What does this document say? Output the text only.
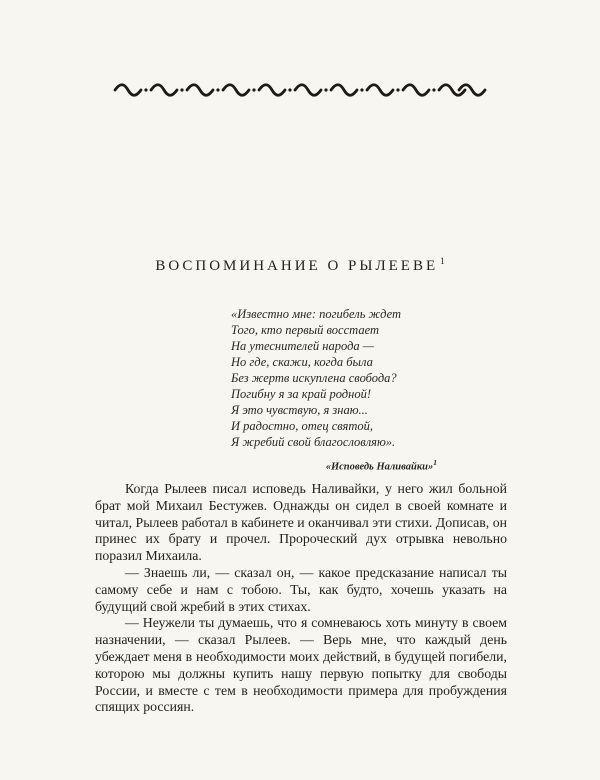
ВОСПОМИНАНИЕ О РЫЛЕЕВЕ $^1$
«Известно мне: погибель ждет
Того, кто первый восстает
На утеснителей народа —
Но где, скажи, когда была
Без жертв искуплена свобода?
Погибну я за край родной!
Я это чувствую, я знаю...
И радостно, отец святой,
Я жребий свой благословляю».
«Исповедь Наливайки»$^1$

Когда Рылеев писал исповедь Наливайки, у него жил больной брат мой Михаил Бестужев. Однажды он сидел в своей комнате и читал, Рылеев работал в кабинете и оканчивал эти стихи. Дописав, он принес их брату и прочел. Пророческий дух отрывка невольно поразил Михаила.

— Знаешь ли, — сказал он, — какое предсказание написал ты самому себе и нам с тобою. Ты, как будто, хочешь указать на будущий свой жребий в этих стихах.

— Неужели ты думаешь, что я сомневаюсь хоть минуту в своем назначении, — сказал Рылеев. — Верь мне, что каждый день убеждает меня в необходимости моих действий, в будущей погибели, которою мы должны купить нашу первую попытку для свободы России, и вместе с тем в необходимости примера для пробуждения спящих россиян.
